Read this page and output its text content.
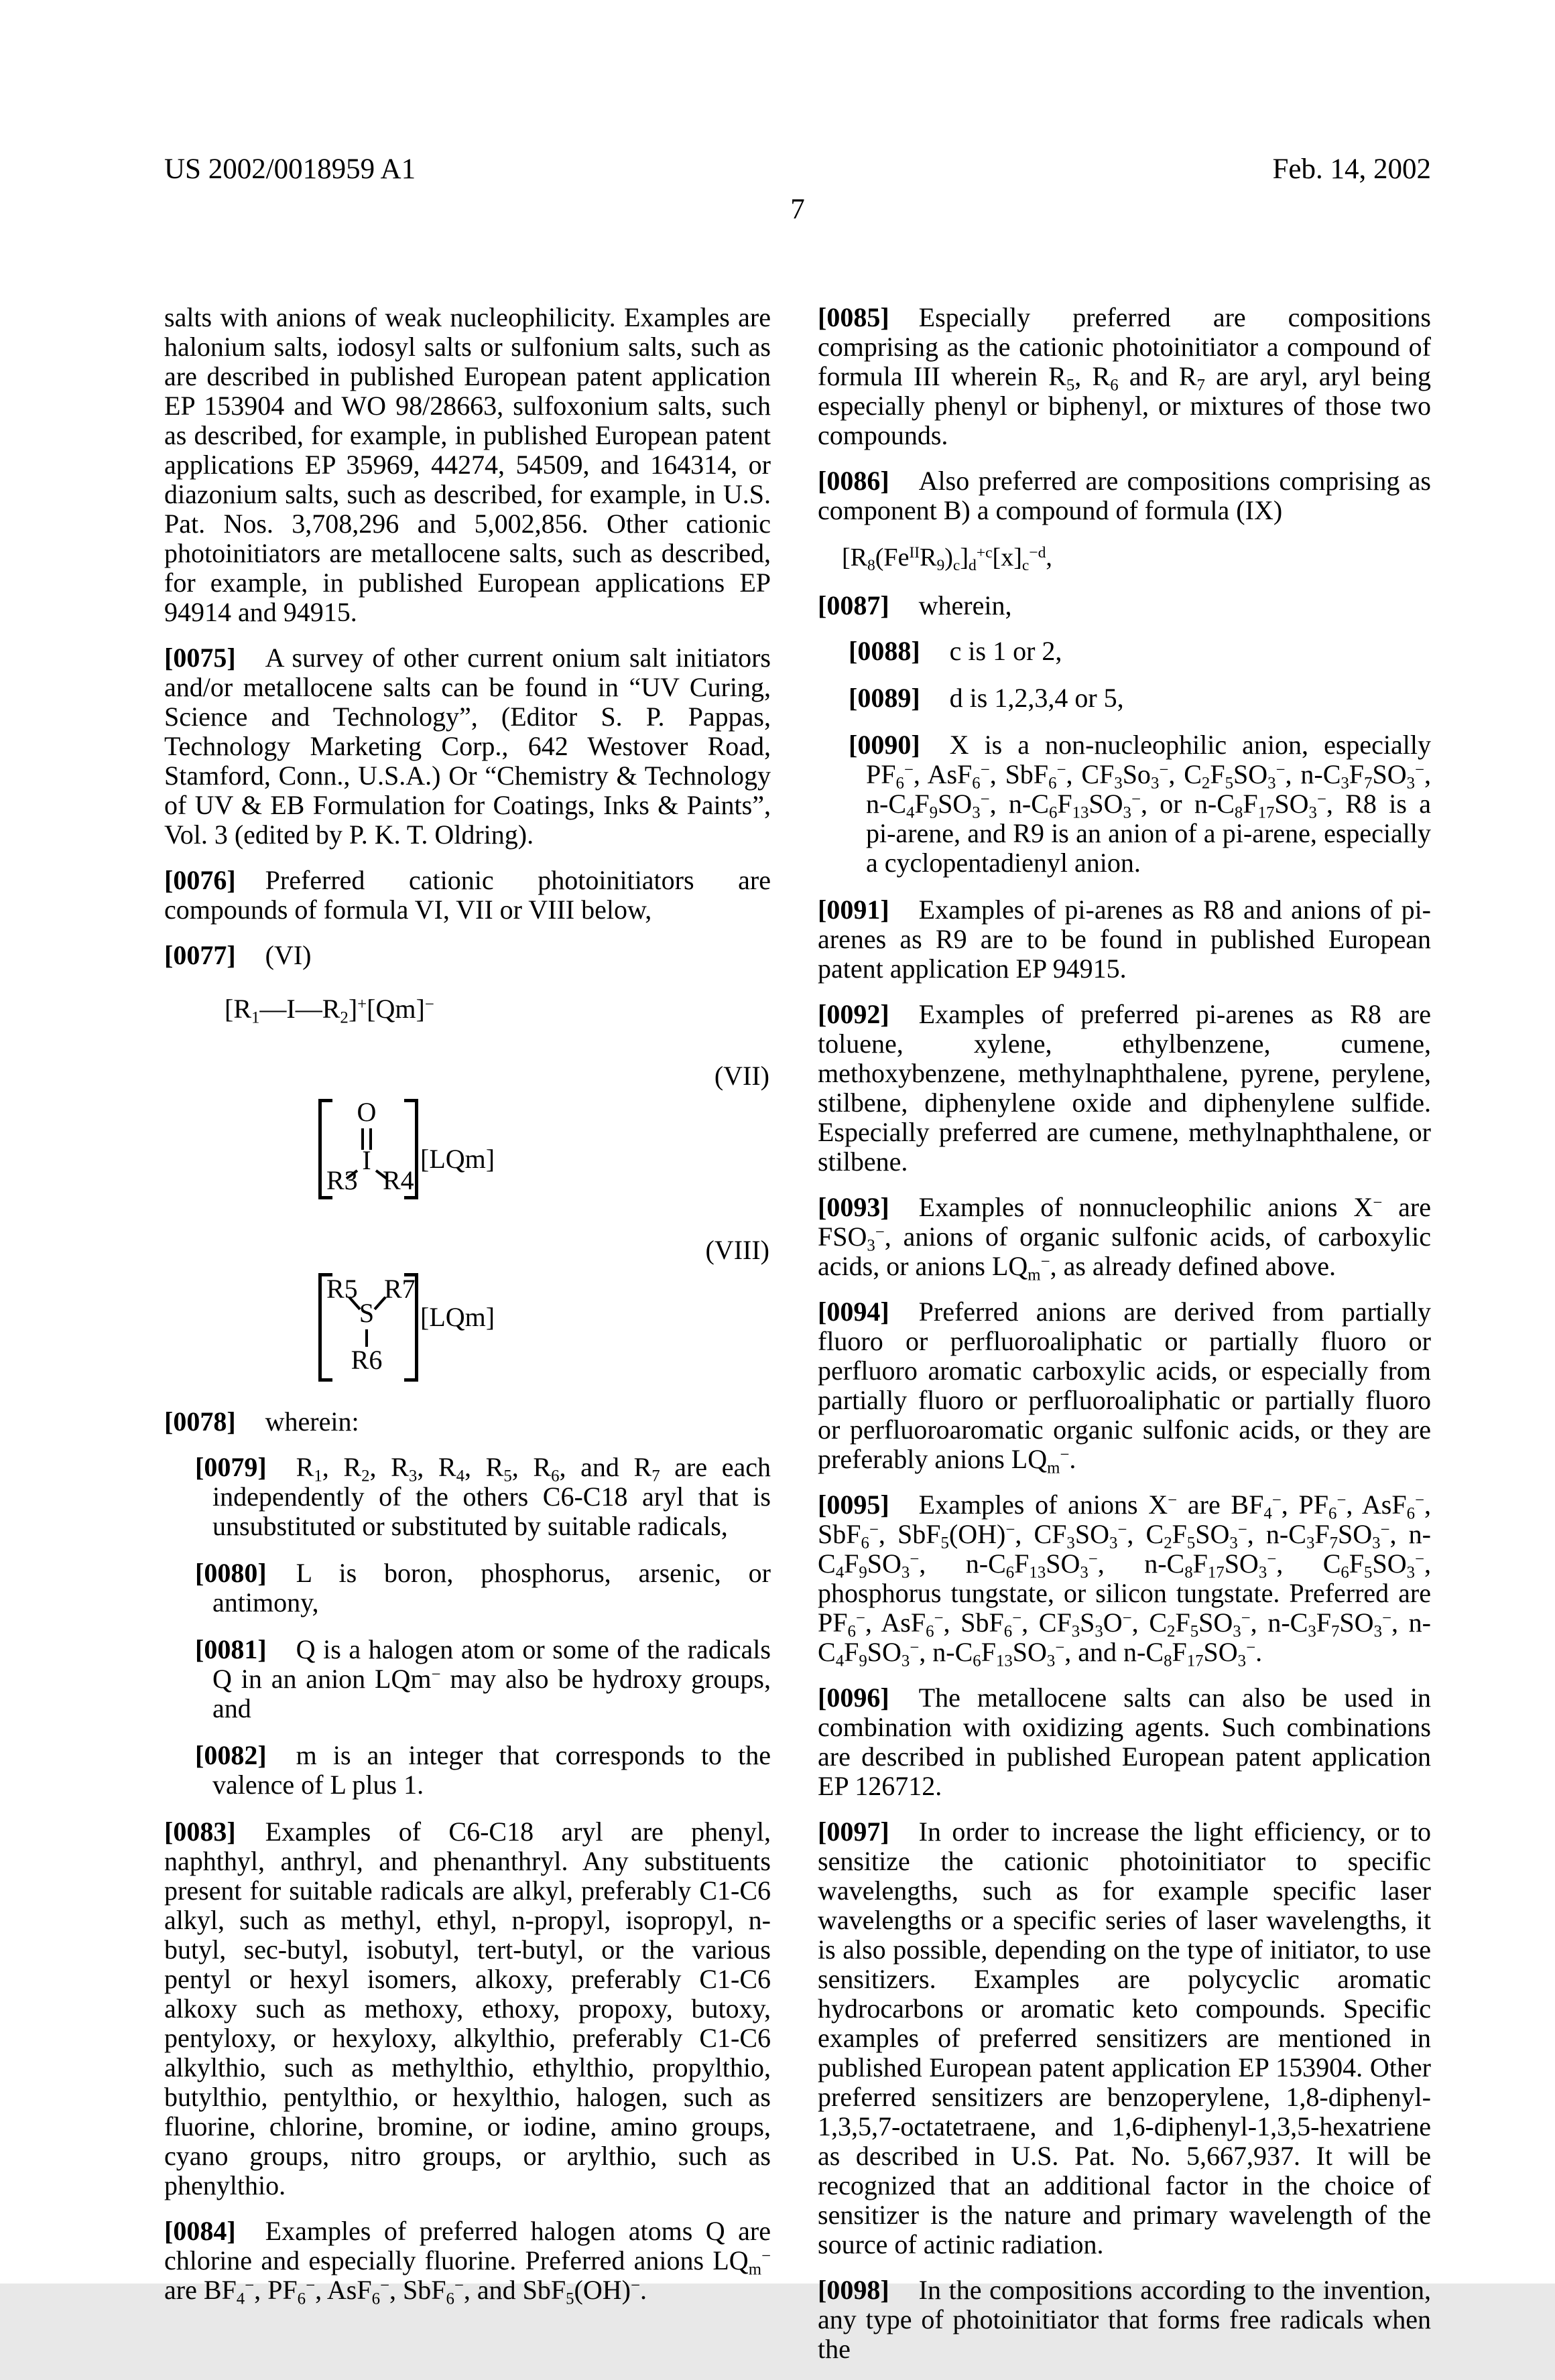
US 2002/0018959 A1	Feb. 14, 2002
7

salts with anions of weak nucleophilicity. Examples are halonium salts, iodosyl salts or sulfonium salts, such as are described in published European patent application EP 153904 and WO 98/28663, sulfoxonium salts, such as described, for example, in published European patent applications EP 35969, 44274, 54509, and 164314, or diazonium salts, such as described, for example, in U.S. Pat. Nos. 3,708,296 and 5,002,856. Other cationic photoinitiators are metallocene salts, such as described, for example, in published European applications EP 94914 and 94915.

[0075] A survey of other current onium salt initiators and/or metallocene salts can be found in “UV Curing, Science and Technology”, (Editor S. P. Pappas, Technology Marketing Corp., 642 Westover Road, Stamford, Conn., U.S.A.) Or “Chemistry & Technology of UV & EB Formulation for Coatings, Inks & Paints”, Vol. 3 (edited by P. K. T. Oldring).

[0076] Preferred cationic photoinitiators are compounds of formula VI, VII or VIII below,

[0077] (VI)

$[R_1—I—R_2]^+[Qm]^-$
(VII)
O
I
R3 R4
[LQm]
(VIII)
R5 R7
S
R6
[LQm]

[0078] wherein:

[0079] $R_1$, $R_2$, $R_3$, $R_4$, $R_5$, $R_6$, and $R_7$ are each independently of the others C6-C18 aryl that is unsubstituted or substituted by suitable radicals,

[0080] L is boron, phosphorus, arsenic, or antimony,

[0081] Q is a halogen atom or some of the radicals Q in an anion LQm− may also be hydroxy groups, and

[0082] m is an integer that corresponds to the valence of L plus 1.

[0083] Examples of C6-C18 aryl are phenyl, naphthyl, anthryl, and phenanthryl. Any substituents present for suitable radicals are alkyl, preferably C1-C6 alkyl, such as methyl, ethyl, n-propyl, isopropyl, n-butyl, sec-butyl, isobutyl, tert-butyl, or the various pentyl or hexyl isomers, alkoxy, preferably C1-C6 alkoxy such as methoxy, ethoxy, propoxy, butoxy, pentyloxy, or hexyloxy, alkylthio, preferably C1-C6 alkylthio, such as methylthio, ethylthio, propylthio, butylthio, pentylthio, or hexylthio, halogen, such as fluorine, chlorine, bromine, or iodine, amino groups, cyano groups, nitro groups, or arylthio, such as phenylthio.

[0084] Examples of preferred halogen atoms Q are chlorine and especially fluorine. Preferred anions $LQ_m^-$ are $BF_4^-$, $PF_6^-$, AsF$_6$−, SbF$_6$−, and SbF$_5$(OH)−.

[0085] Especially preferred are compositions comprising as the cationic photoinitiator a compound of formula III wherein $R_5$, $R_6$ and $R_7$ are aryl, aryl being especially phenyl or biphenyl, or mixtures of those two compounds.

[0086] Also preferred are compositions comprising as component B) a compound of formula (IX)

$[R_8(Fe^{II}R_9)_c]_d^{+c}[x]_c^{-d}$,

[0087] wherein,

[0088] c is 1 or 2,

[0089] d is 1,2,3,4 or 5,

[0090] X is a non-nucleophilic anion, especially $PF_6^-$, AsF$_6$−, SbF$_6$−, $CF_3So_3^-$, $C_2F_5SO_3^-$, $n-C_3F_7SO_3^-$, $n-C_4F_9SO_3^-$, $n-C_6F_{13}SO_3^-$, or $n-C_8F_{17}SO_3^-$, R8 is a pi-arene, and R9 is an anion of a pi-arene, especially a cyclopentadienyl anion.

[0091] Examples of pi-arenes as R8 and anions of pi-arenes as R9 are to be found in published European patent application EP 94915.

[0092] Examples of preferred pi-arenes as R8 are toluene, xylene, ethylbenzene, cumene, methoxybenzene, methylnaphthalene, pyrene, perylene, stilbene, diphenylene oxide and diphenylene sulfide. Especially preferred are cumene, methylnaphthalene, or stilbene.

[0093] Examples of nonnucleophilic anions X− are $FSO_3^-$, anions of organic sulfonic acids, of carboxylic acids, or anions $LQ_m^-$, as already defined above.

[0094] Preferred anions are derived from partially fluoro or perfluoroaliphatic or partially fluoro or perfluoro aromatic carboxylic acids, or especially from partially fluoro or perfluoroaliphatic or partially fluoro or perfluoroaromatic organic sulfonic acids, or they are preferably anions $LQ_m^-$.

[0095] Examples of anions X− are $BF_4^-$, $PF_6^-$, AsF$_6$−, SbF$_6$−, SbF$_5$(OH)−, $CF_3SO_3^-$, $C_2F_5SO_3^-$, $n-C_3F_7SO_3^-$, $n-C_4F_9SO_3^-$, $n-C_6F_{13}SO_3^-$, $n-C_8F_{17}SO_3^-$, $C_6F_5SO_3^-$, phosphorus tungstate, or silicon tungstate. Preferred are $PF_6^-$, AsF$_6$−, SbF$_6$−, $CF_3S_3O^-$, $C_2F_5SO_3^-$, $n-C_3F_7SO_3^-$, $n-C_4F_9SO_3^-$, $n-C_6F_{13}SO_3^-$, and $n-C_8F_{17}SO_3^-$.

[0096] The metallocene salts can also be used in combination with oxidizing agents. Such combinations are described in published European patent application EP 126712.

[0097] In order to increase the light efficiency, or to sensitize the cationic photoinitiator to specific wavelengths, such as for example specific laser wavelengths or a specific series of laser wavelengths, it is also possible, depending on the type of initiator, to use sensitizers. Examples are polycyclic aromatic hydrocarbons or aromatic keto compounds. Specific examples of preferred sensitizers are mentioned in published European patent application EP 153904. Other preferred sensitizers are benzoperylene, 1,8-diphenyl-1,3,5,7-octatetraene, and 1,6-diphenyl-1,3,5-hexatriene as described in U.S. Pat. No. 5,667,937. It will be recognized that an additional factor in the choice of sensitizer is the nature and primary wavelength of the source of actinic radiation.

[0098] In the compositions according to the invention, any type of photoinitiator that forms free radicals when the
